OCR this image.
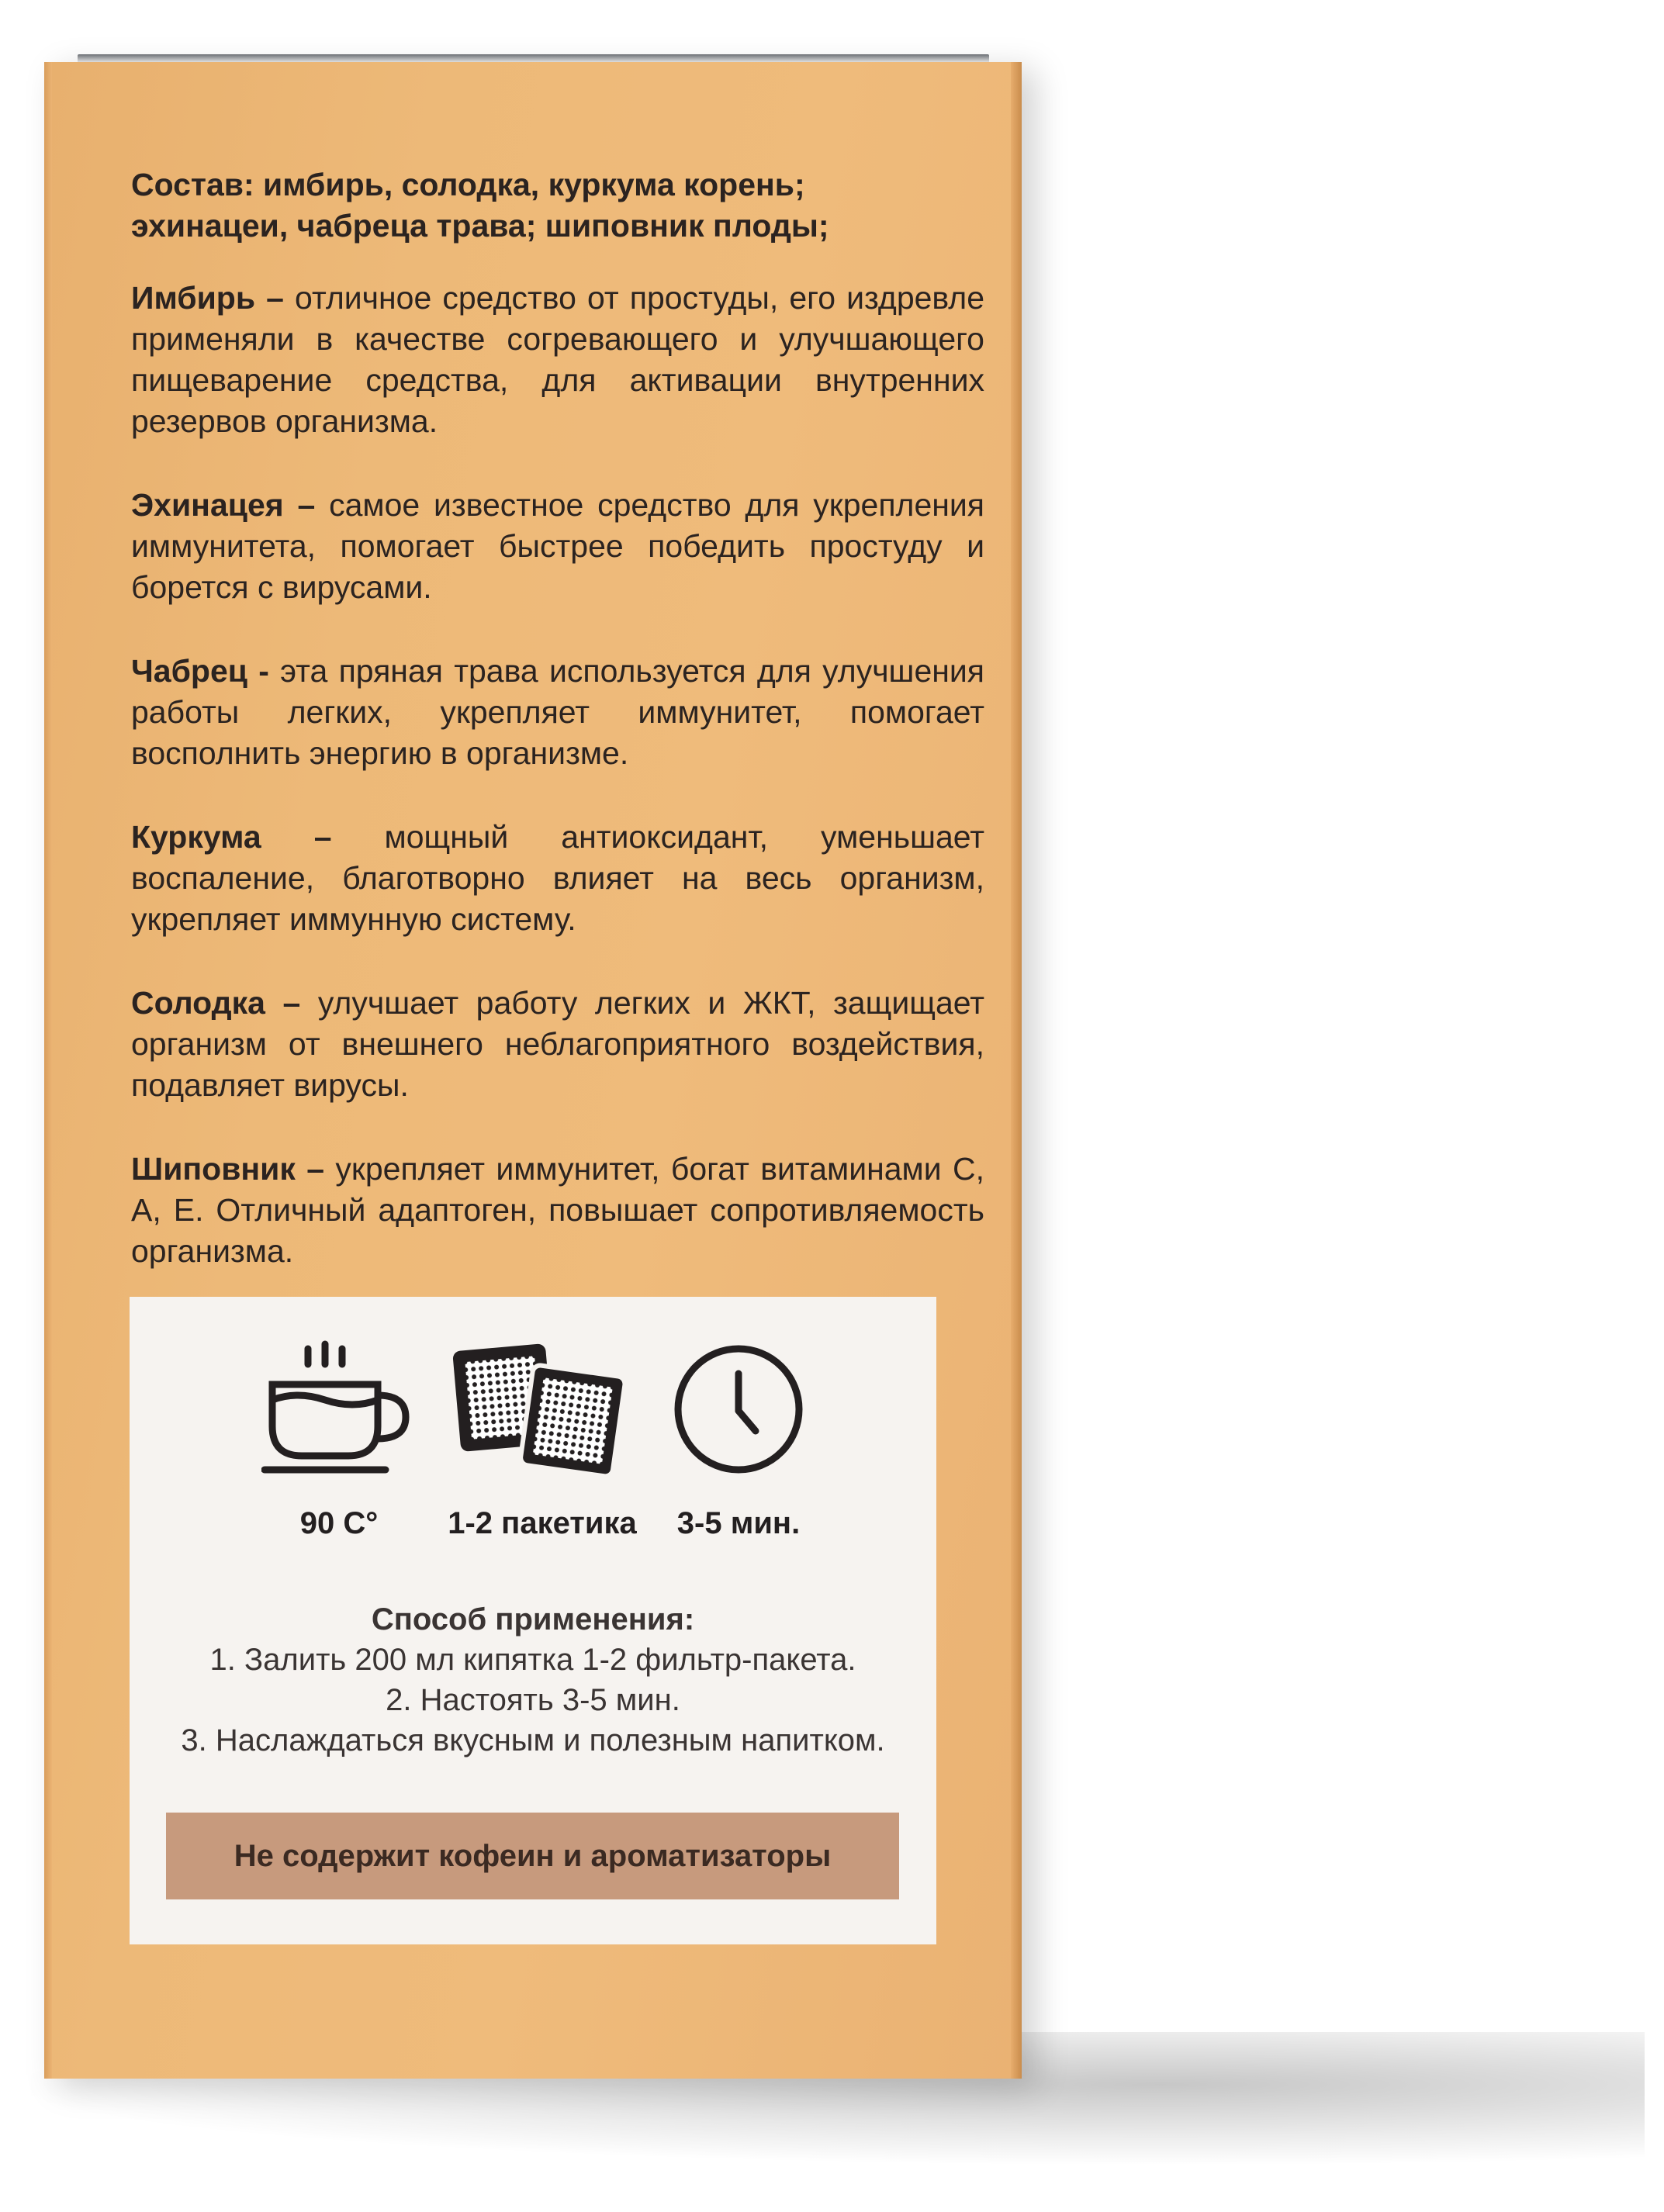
Состав: имбирь, солодка, куркума корень;
эхинацеи, чабреца трава; шиповник плоды;

Имбирь – отличное средство от простуды, его издревле применяли в качестве согревающего и улучшающего пищеварение средства, для активации внутренних резервов организма.

Эхинацея – самое известное средство для укрепления иммунитета, помогает быстрее победить простуду и борется с вирусами.

Чабрец - эта пряная трава используется для улучшения работы легких, укрепляет иммунитет, помогает восполнить энергию в организме.

Куркума – мощный антиоксидант, уменьшает воспаление, благотворно влияет на весь организм, укрепляет иммунную систему.

Солодка – улучшает работу легких и ЖКТ, защищает организм от внешнего неблагоприятного воздействия, подавляет вирусы.

Шиповник – укрепляет иммунитет, богат витаминами С, А, Е. Отличный адаптоген, повышает сопротивляемость организма.

90 С°	1-2 пакетика	3-5 мин.
Способ применения:
1. Залить 200 мл кипятка 1-2 фильтр-пакета.
2. Настоять 3-5 мин.
3. Наслаждаться вкусным и полезным напитком.
Не содержит кофеин и ароматизаторы
